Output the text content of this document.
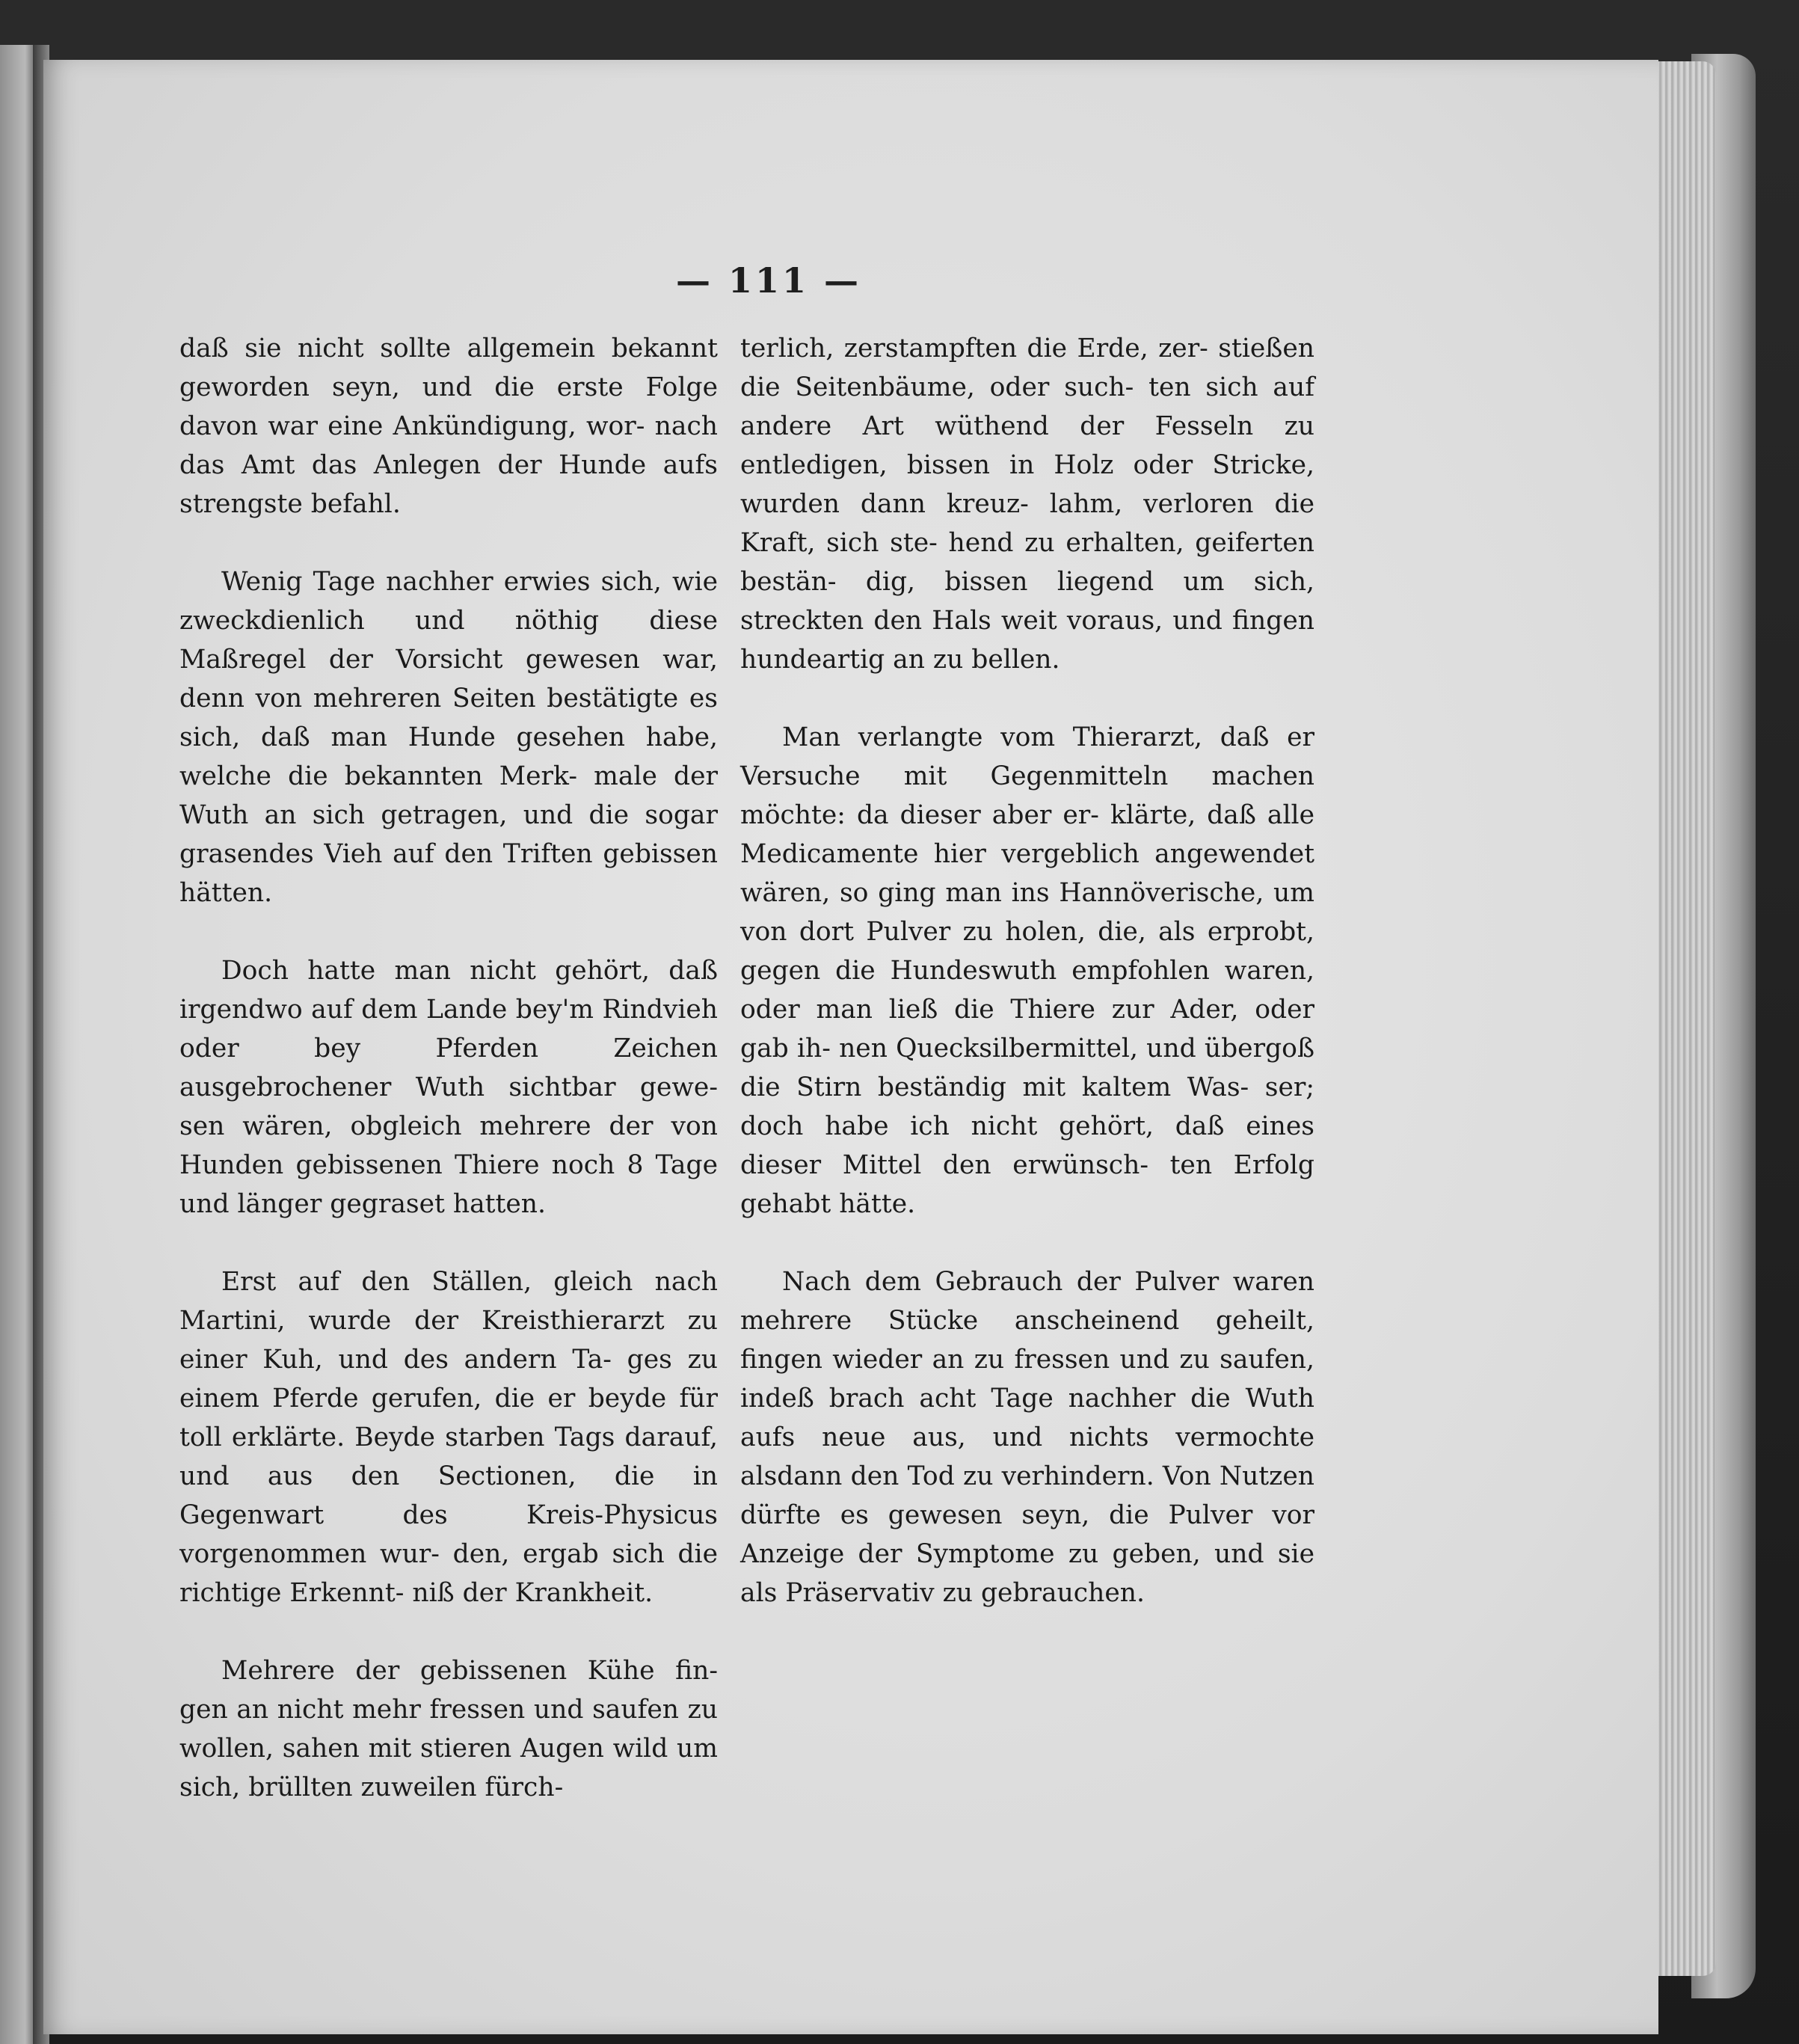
— 111 —

daß sie nicht sollte allgemein bekannt geworden seyn, und die erste Folge davon war eine Ankündigung, wor- nach das Amt das Anlegen der Hunde aufs strengste befahl.

Wenig Tage nachher erwies sich, wie zweckdienlich und nöthig diese Maßregel der Vorsicht gewesen war, denn von mehreren Seiten bestätigte es sich, daß man Hunde gesehen habe, welche die bekannten Merk- male der Wuth an sich getragen, und die sogar grasendes Vieh auf den Triften gebissen hätten.

Doch hatte man nicht gehört, daß irgendwo auf dem Lande bey'm Rindvieh oder bey Pferden Zeichen ausgebrochener Wuth sichtbar gewe- sen wären, obgleich mehrere der von Hunden gebissenen Thiere noch 8 Tage und länger gegraset hatten.

Erst auf den Ställen, gleich nach Martini, wurde der Kreisthierarzt zu einer Kuh, und des andern Ta- ges zu einem Pferde gerufen, die er beyde für toll erklärte. Beyde starben Tags darauf, und aus den Sectionen, die in Gegenwart des Kreis-Physicus vorgenommen wur- den, ergab sich die richtige Erkennt- niß der Krankheit.

Mehrere der gebissenen Kühe fin- gen an nicht mehr fressen und saufen zu wollen, sahen mit stieren Augen wild um sich, brüllten zuweilen fürch-

terlich, zerstampften die Erde, zer- stießen die Seitenbäume, oder such- ten sich auf andere Art wüthend der Fesseln zu entledigen, bissen in Holz oder Stricke, wurden dann kreuz- lahm, verloren die Kraft, sich ste- hend zu erhalten, geiferten bestän- dig, bissen liegend um sich, streckten den Hals weit voraus, und fingen hundeartig an zu bellen.

Man verlangte vom Thierarzt, daß er Versuche mit Gegenmitteln machen möchte: da dieser aber er- klärte, daß alle Medicamente hier vergeblich angewendet wären, so ging man ins Hannöverische, um von dort Pulver zu holen, die, als erprobt, gegen die Hundeswuth empfohlen waren, oder man ließ die Thiere zur Ader, oder gab ih- nen Quecksilbermittel, und übergoß die Stirn beständig mit kaltem Was- ser; doch habe ich nicht gehört, daß eines dieser Mittel den erwünsch- ten Erfolg gehabt hätte.

Nach dem Gebrauch der Pulver waren mehrere Stücke anscheinend geheilt, fingen wieder an zu fressen und zu saufen, indeß brach acht Tage nachher die Wuth aufs neue aus, und nichts vermochte alsdann den Tod zu verhindern. Von Nutzen dürfte es gewesen seyn, die Pulver vor Anzeige der Symptome zu geben, und sie als Präservativ zu gebrauchen.
